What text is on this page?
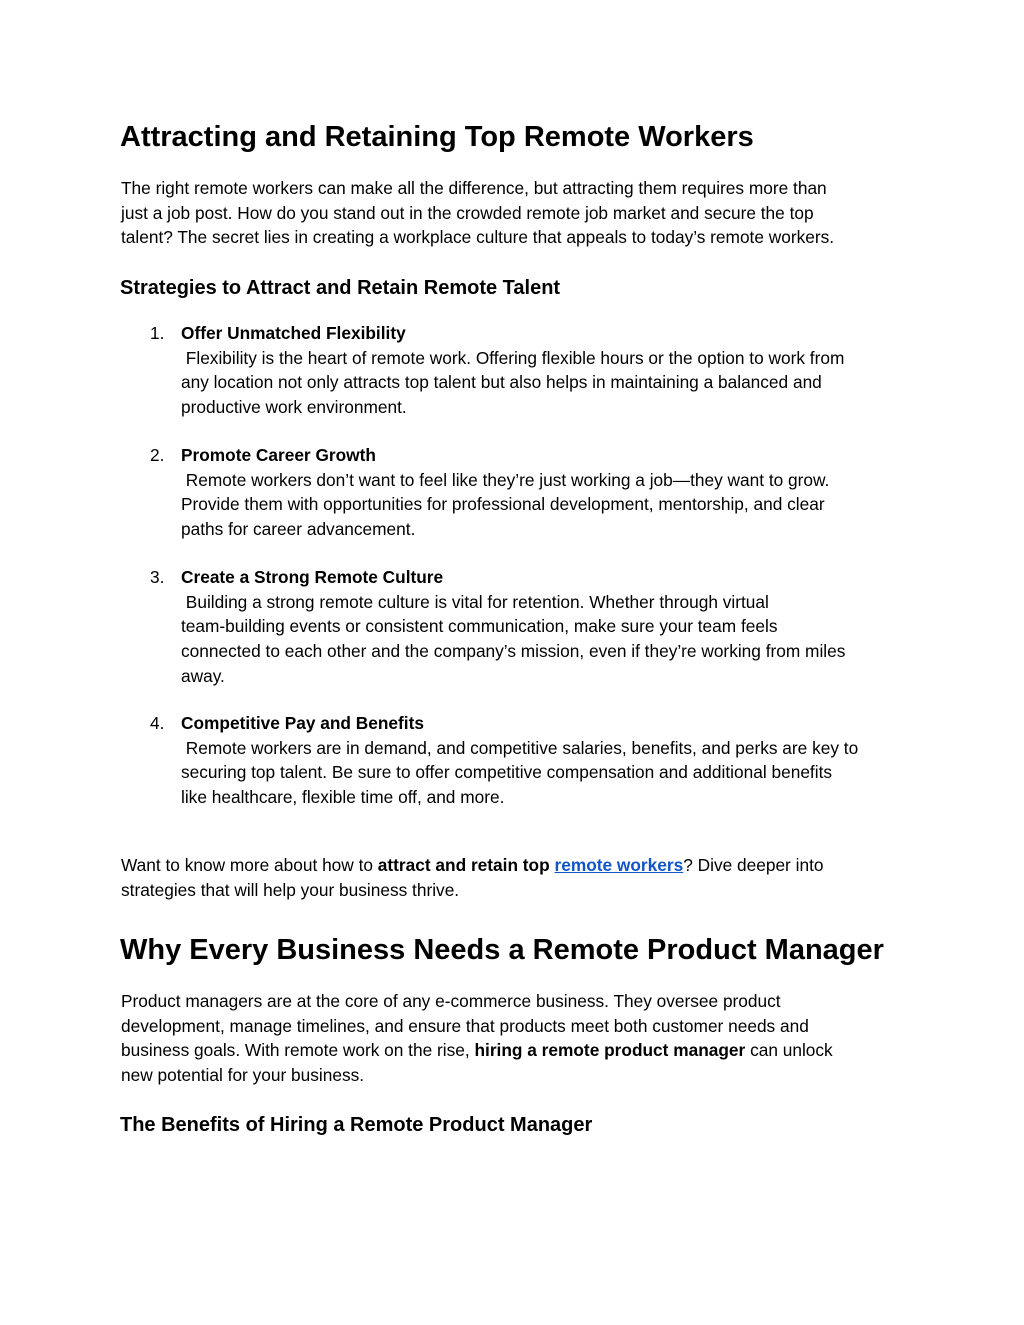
Attracting and Retaining Top Remote Workers

The right remote workers can make all the difference, but attracting them requires more than
just a job post. How do you stand out in the crowded remote job market and secure the top
talent? The secret lies in creating a workplace culture that appeals to today’s remote workers.

Strategies to Attract and Retain Remote Talent
1. Offer Unmatched Flexibility
Flexibility is the heart of remote work. Offering flexible hours or the option to work from
any location not only attracts top talent but also helps in maintaining a balanced and
productive work environment.
2. Promote Career Growth
Remote workers don’t want to feel like they’re just working a job—they want to grow.
Provide them with opportunities for professional development, mentorship, and clear
paths for career advancement.
3. Create a Strong Remote Culture
Building a strong remote culture is vital for retention. Whether through virtual
team-building events or consistent communication, make sure your team feels
connected to each other and the company’s mission, even if they’re working from miles
away.
4. Competitive Pay and Benefits
Remote workers are in demand, and competitive salaries, benefits, and perks are key to
securing top talent. Be sure to offer competitive compensation and additional benefits
like healthcare, flexible time off, and more.

Want to know more about how to attract and retain top remote workers? Dive deeper into
strategies that will help your business thrive.

Why Every Business Needs a Remote Product Manager

Product managers are at the core of any e-commerce business. They oversee product
development, manage timelines, and ensure that products meet both customer needs and
business goals. With remote work on the rise, hiring a remote product manager can unlock
new potential for your business.

The Benefits of Hiring a Remote Product Manager
